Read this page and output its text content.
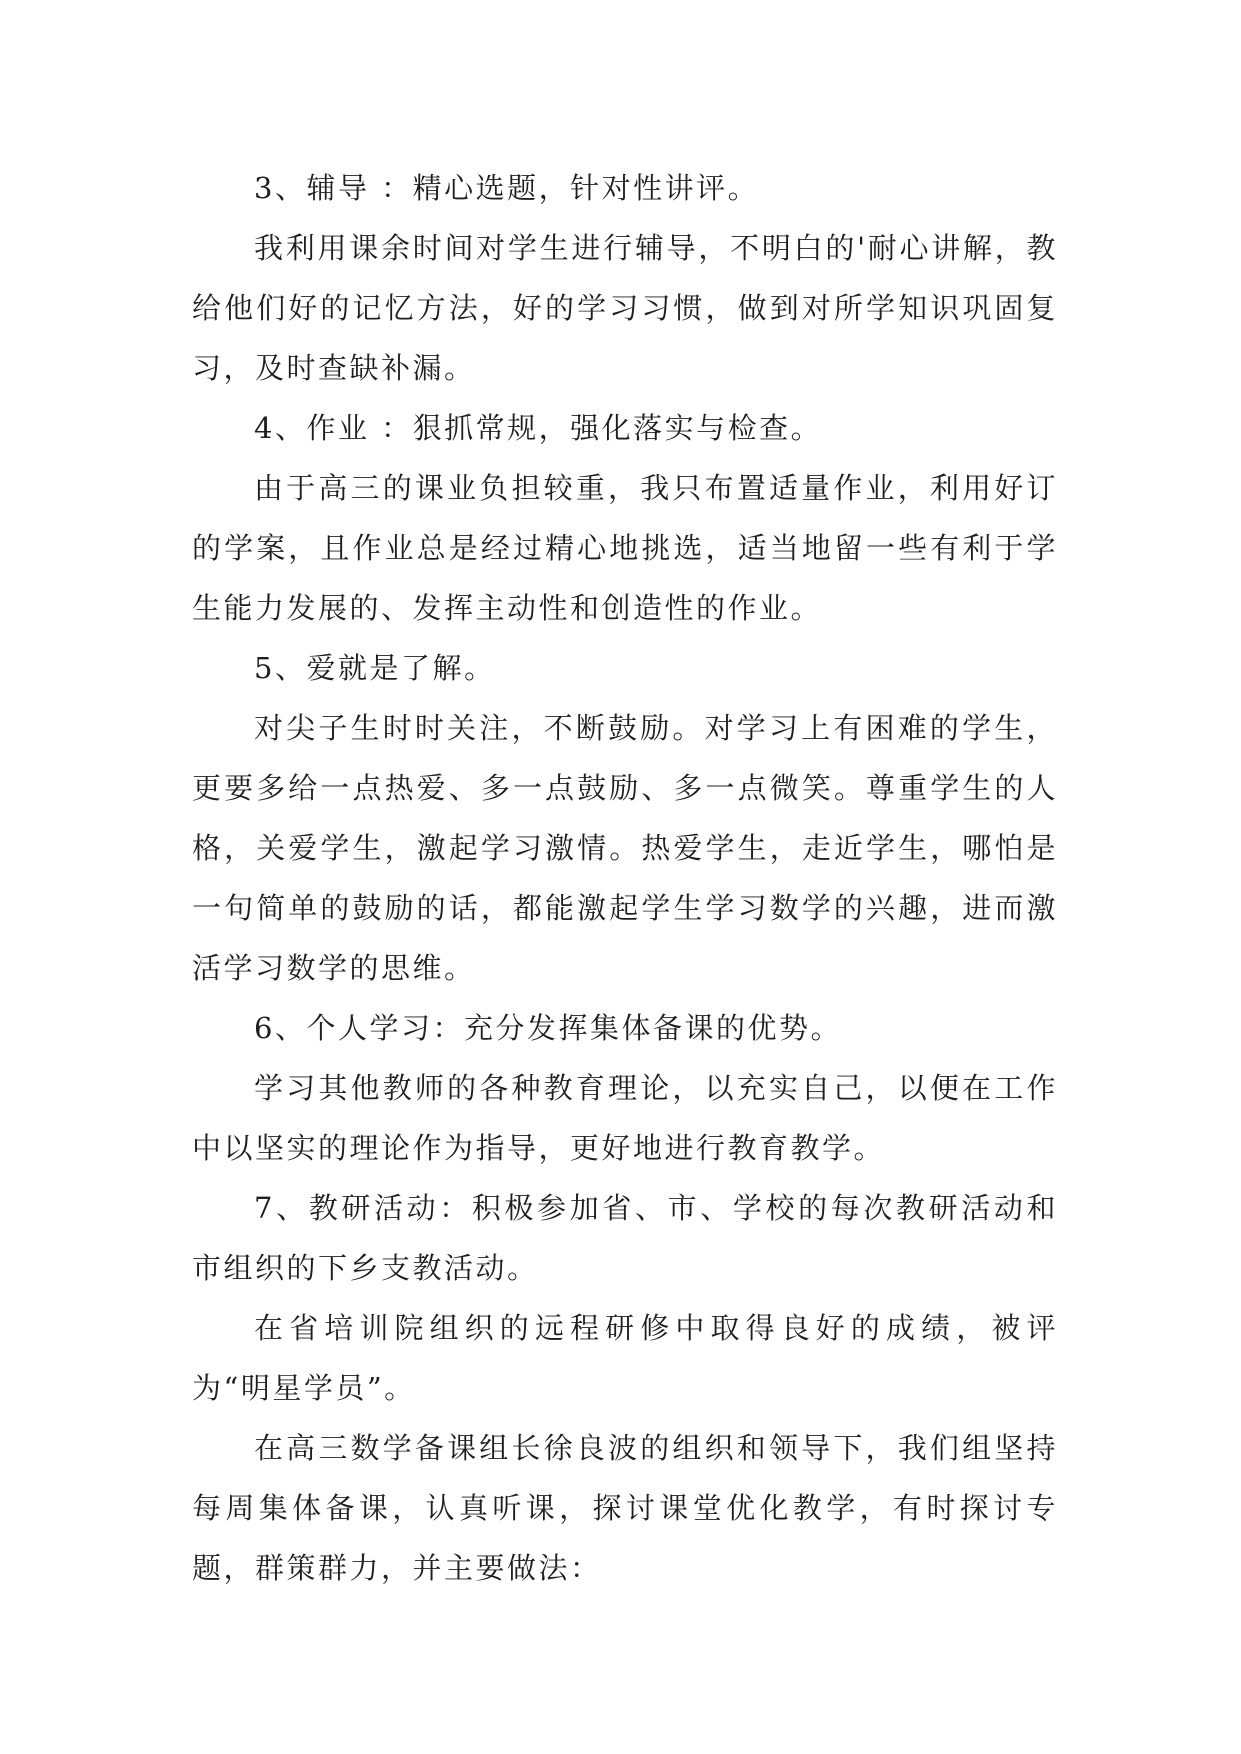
3、辅导 ：精心选题，针对性讲评。

我利用课余时间对学生进行辅导，不明白的'耐心讲解，教给他们好的记忆方法，好的学习习惯，做到对所学知识巩固复习，及时查缺补漏。

4、作业 ：狠抓常规，强化落实与检查。

由于高三的课业负担较重，我只布置适量作业，利用好订的学案，且作业总是经过精心地挑选，适当地留一些有利于学生能力发展的、发挥主动性和创造性的作业。

5、爱就是了解。

对尖子生时时关注，不断鼓励。对学习上有困难的学生，更要多给一点热爱、多一点鼓励、多一点微笑。尊重学生的人格，关爱学生，激起学习激情。热爱学生，走近学生，哪怕是一句简单的鼓励的话，都能激起学生学习数学的兴趣，进而激活学习数学的思维。

6、个人学习：充分发挥集体备课的优势。

学习其他教师的各种教育理论，以充实自己，以便在工作中以坚实的理论作为指导，更好地进行教育教学。

7、教研活动：积极参加省、市、学校的每次教研活动和市组织的下乡支教活动。

在省培训院组织的远程研修中取得良好的成绩，被评为“明星学员”。

在高三数学备课组长徐良波的组织和领导下，我们组坚持每周集体备课，认真听课，探讨课堂优化教学，有时探讨专题，群策群力，并主要做法：
